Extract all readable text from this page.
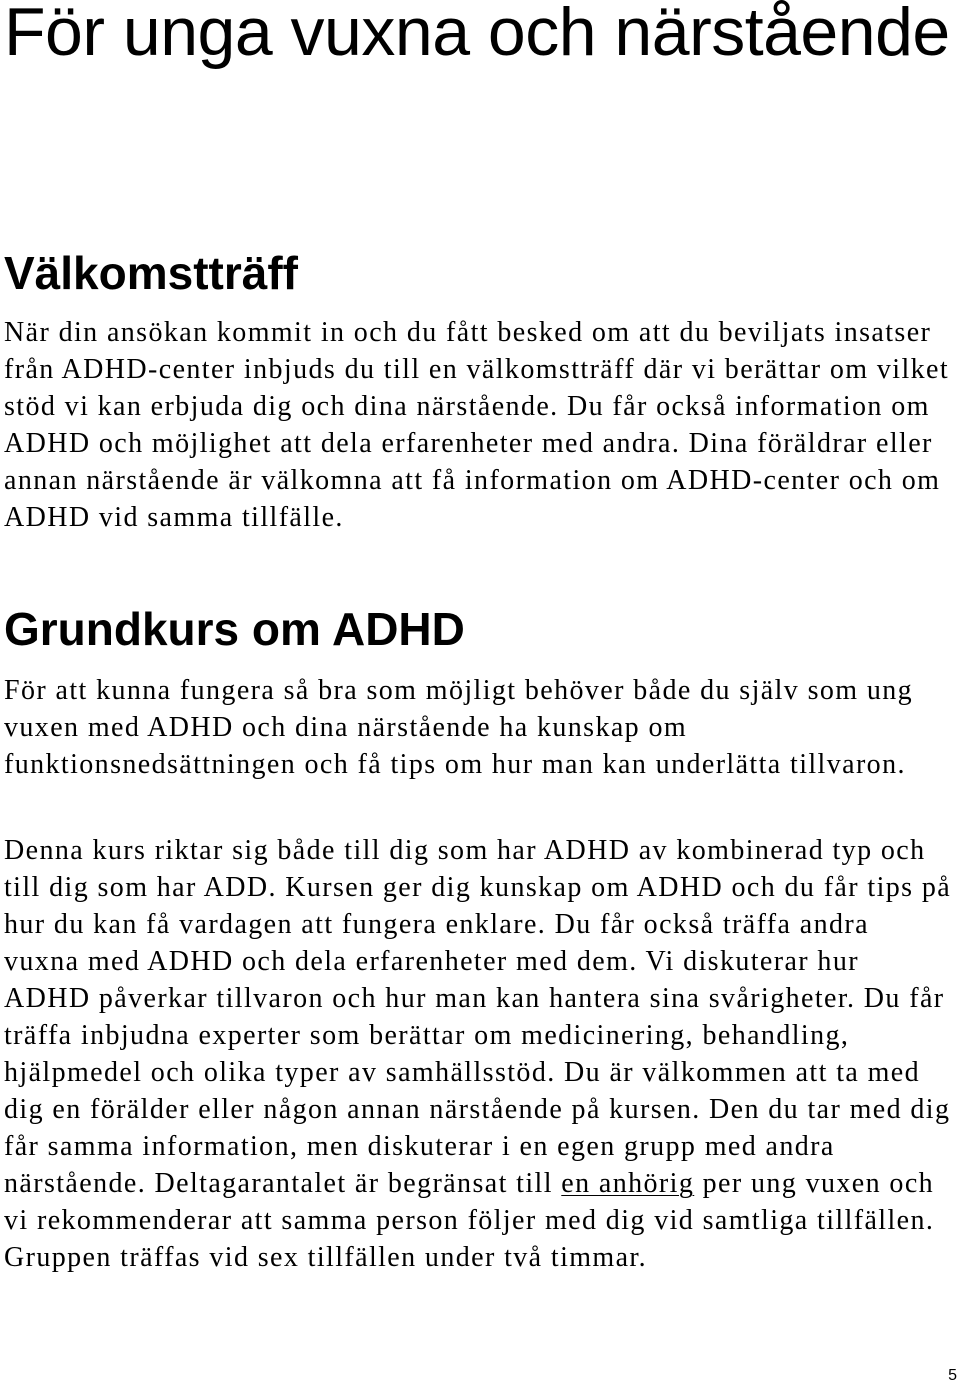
För unga vuxna och närstående
Välkomstträff

När din ansökan kommit in och du fått besked om att du beviljats insatser från ADHD-center inbjuds du till en välkomstträff där vi berättar om vilket stöd vi kan erbjuda dig och dina närstående. Du får också information om ADHD och möjlighet att dela erfarenheter med andra. Dina föräldrar eller annan närstående är välkomna att få information om ADHD-center och om ADHD vid samma tillfälle.

Grundkurs om ADHD

För att kunna fungera så bra som möjligt behöver både du själv som ung vuxen med ADHD och dina närstående ha kunskap om funktionsnedsättningen och få tips om hur man kan underlätta tillvaron.

Denna kurs riktar sig både till dig som har ADHD av kombinerad typ och till dig som har ADD. Kursen ger dig kunskap om ADHD och du får tips på hur du kan få vardagen att fungera enklare. Du får också träffa andra vuxna med ADHD och dela erfarenheter med dem. Vi diskuterar hur ADHD påverkar tillvaron och hur man kan hantera sina svårigheter. Du får träffa inbjudna experter som berättar om medicinering, behandling, hjälpmedel och olika typer av samhällsstöd. Du är välkommen att ta med dig en förälder eller någon annan närstående på kursen. Den du tar med dig får samma information, men diskuterar i en egen grupp med andra närstående. Deltagarantalet är begränsat till en anhörig per ung vuxen och vi rekommenderar att samma person följer med dig vid samtliga tillfällen. Gruppen träffas vid sex tillfällen under två timmar.

5
